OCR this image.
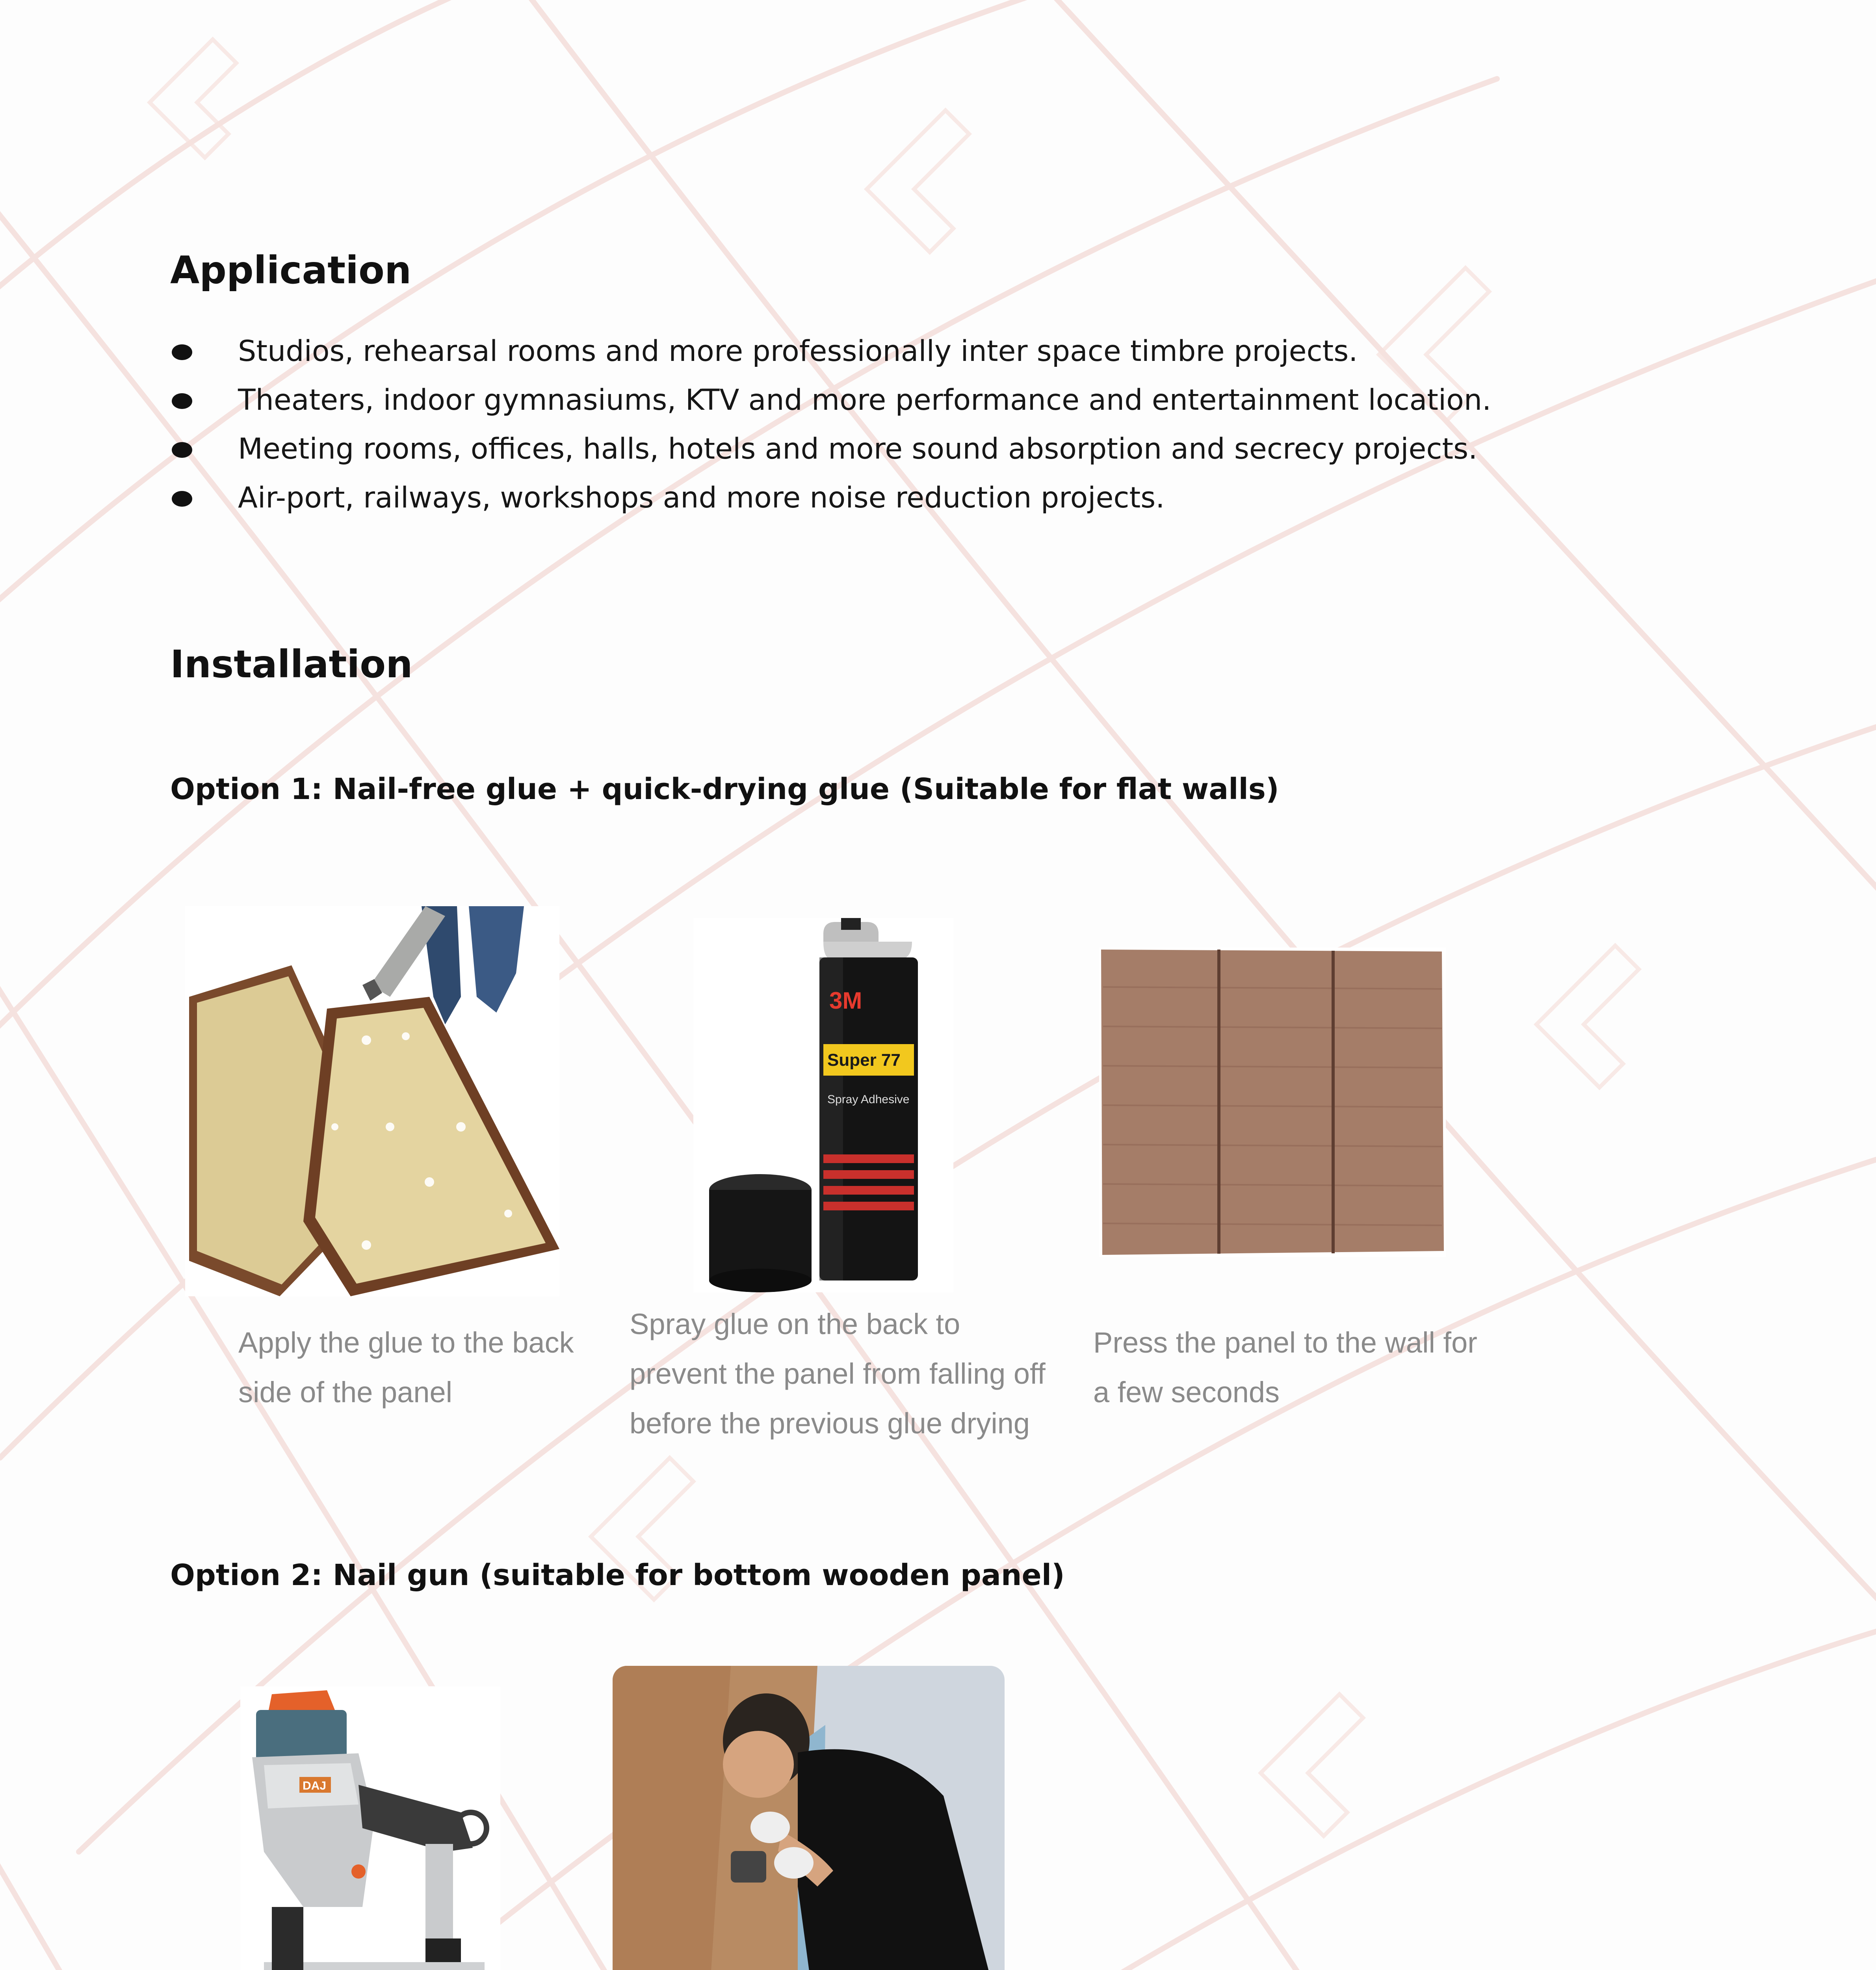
Application
Studios, rehearsal rooms and more professionally inter space timbre projects.
Theaters, indoor gymnasiums, KTV and more performance and entertainment location.
Meeting rooms, offices, halls, hotels and more sound absorption and secrecy projects.
Air-port, railways, workshops and more noise reduction projects.
Installation
Option 1: Nail-free glue + quick-drying glue (Suitable for flat walls)
3M
Super 77
Spray Adhesive
Apply the glue to the back
side of the panel
Spray glue on the back to
prevent the panel from falling off
before the previous glue drying
Press the panel to the wall for
a few seconds
Option 2: Nail gun (suitable for bottom wooden panel)
DAJ
